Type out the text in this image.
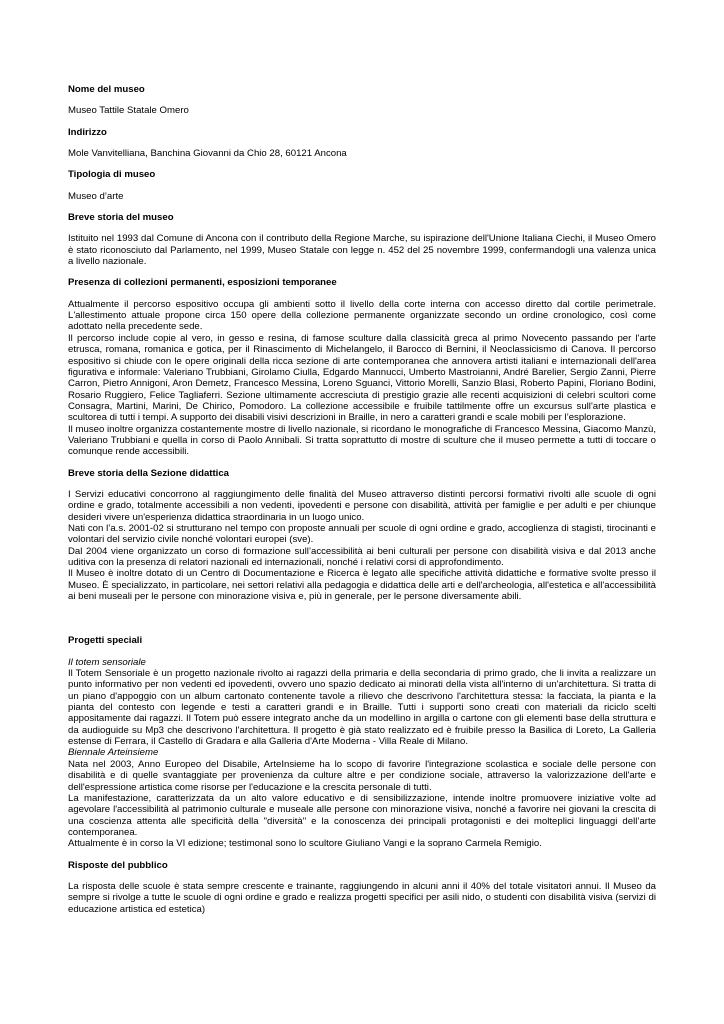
Nome del museo

Museo Tattile Statale Omero

Indirizzo

Mole Vanvitelliana, Banchina Giovanni da Chio 28, 60121 Ancona

Tipologia di museo

Museo d’arte

Breve storia del museo

Istituito nel 1993 dal Comune di Ancona con il contributo della Regione Marche, su ispirazione dell'Unione Italiana Ciechi, il Museo Omero è stato riconosciuto dal Parlamento, nel 1999, Museo Statale con legge n. 452 del 25 novembre 1999, confermandogli una valenza unica a livello nazionale.

Presenza di collezioni permanenti, esposizioni temporanee

Attualmente il percorso espositivo occupa gli ambienti sotto il livello della corte interna con accesso diretto dal cortile perimetrale. L'allestimento attuale propone circa 150 opere della collezione permanente organizzate secondo un ordine cronologico, così come adottato nella precedente sede.

Il percorso include copie al vero, in gesso e resina, di famose sculture dalla classicità greca al primo Novecento passando per l'arte etrusca, romana, romanica e gotica, per il Rinascimento di Michelangelo, il Barocco di Bernini, il Neoclassicismo di Canova. Il percorso espositivo si chiude con le opere originali della ricca sezione di arte contemporanea che annovera artisti italiani e internazionali dell'area figurativa e informale: Valeriano Trubbiani, Girolamo Ciulla, Edgardo Mannucci, Umberto Mastroianni, André Barelier, Sergio Zanni, Pierre Carron, Pietro Annigoni, Aron Demetz, Francesco Messina, Loreno Sguanci, Vittorio Morelli, Sanzio Blasi, Roberto Papini, Floriano Bodini, Rosario Ruggiero, Felice Tagliaferri. Sezione ultimamente accresciuta di prestigio grazie alle recenti acquisizioni di celebri scultori come Consagra, Martini, Marini, De Chirico, Pomodoro. La collezione accessibile e fruibile tattilmente offre un excursus sull'arte plastica e scultorea di tutti i tempi. A supporto dei disabili visivi descrizioni in Braille, in nero a caratteri grandi e scale mobili per l’esplorazione.

Il museo inoltre organizza costantemente mostre di livello nazionale, si ricordano le monografiche di Francesco Messina, Giacomo Manzù, Valeriano Trubbiani e quella in corso di Paolo Annibali. Si tratta soprattutto di mostre di sculture che il museo permette a tutti di toccare o comunque rende accessibili.

Breve storia della Sezione didattica

I Servizi educativi concorrono al raggiungimento delle finalità del Museo attraverso distinti percorsi formativi rivolti alle scuole di ogni ordine e grado, totalmente accessibili a non vedenti, ipovedenti e persone con disabilità, attività per famiglie e per adulti e per chiunque desideri vivere un'esperienza didattica straordinaria in un luogo unico.

Nati con l’a.s. 2001-02 si strutturano nel tempo con proposte annuali per scuole di ogni ordine e grado, accoglienza di stagisti, tirocinanti e volontari del servizio civile nonché volontari europei (sve).

Dal 2004 viene organizzato un corso di formazione sull’accessibilità ai beni culturali per persone con disabilità visiva e dal 2013 anche uditiva con la presenza di relatori nazionali ed internazionali, nonché i relativi corsi di approfondimento.

Il Museo è inoltre dotato di un Centro di Documentazione e Ricerca è legato alle specifiche attività didattiche e formative svolte presso il Museo. È specializzato, in particolare, nei settori relativi alla pedagogia e didattica delle arti e dell'archeologia, all'estetica e all'accessibilità ai beni museali per le persone con minorazione visiva e, più in generale, per le persone diversamente abili.

Progetti speciali

Il totem sensoriale

Il Totem Sensoriale è un progetto nazionale rivolto ai ragazzi della primaria e della secondaria di primo grado, che li invita a realizzare un punto informativo per non vedenti ed ipovedenti, ovvero uno spazio dedicato ai minorati della vista all'interno di un'architettura. Si tratta di un piano d'appoggio con un album cartonato contenente tavole a rilievo che descrivono l'architettura stessa: la facciata, la pianta e la pianta del contesto con legende e testi a caratteri grandi e in Braille. Tutti i supporti sono creati con materiali da riciclo scelti appositamente dai ragazzi. Il Totem può essere integrato anche da un modellino in argilla o cartone con gli elementi base della struttura e da audioguide su Mp3 che descrivono l'architettura. Il progetto è già stato realizzato ed è fruibile presso la Basilica di Loreto, La Galleria estense di Ferrara, il Castello di Gradara e alla Galleria d'Arte Moderna - Villa Reale di Milano.

Biennale Arteinsieme

Nata nel 2003, Anno Europeo del Disabile, ArteInsieme ha lo scopo di favorire l'integrazione scolastica e sociale delle persone con disabilità e di quelle svantaggiate per provenienza da culture altre e per condizione sociale, attraverso la valorizzazione dell'arte e dell'espressione artistica come risorse per l'educazione e la crescita personale di tutti.

La manifestazione, caratterizzata da un alto valore educativo e di sensibilizzazione, intende inoltre promuovere iniziative volte ad agevolare l'accessibilità al patrimonio culturale e museale alle persone con minorazione visiva, nonché a favorire nei giovani la crescita di una coscienza attenta alle specificità della "diversità" e la conoscenza dei principali protagonisti e dei molteplici linguaggi dell’arte contemporanea.

Attualmente è in corso la VI edizione; testimonal sono lo scultore Giuliano Vangi e la soprano Carmela Remigio.

Risposte del pubblico

La risposta delle scuole è stata sempre crescente e trainante, raggiungendo in alcuni anni il 40% del totale visitatori annui. Il Museo da sempre si rivolge a tutte le scuole di ogni ordine e grado e realizza progetti specifici per asili nido, o studenti con disabilità visiva (servizi di educazione artistica ed estetica)
